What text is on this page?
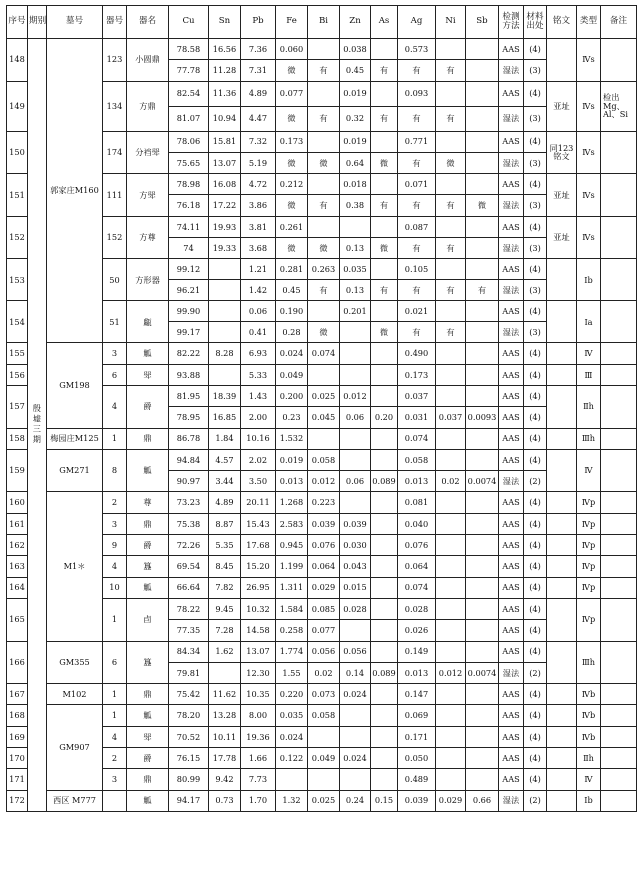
序号	期别	墓号	器号	器名	Cu	Sn	Pb	Fe	Bi	Zn	As	Ag	Ni	Sb	检测方法	材料出处	铭文	类型	备注
148	殷墟三期	郭家庄M160	123	小圆鼎	78.58	16.56	7.36	0.060		0.038		0.573			AAS	(4)		Ⅳs	
					77.78	11.28	7.31	微	有	0.45	有	有	有		湿法	(3)			
149			134	方鼎	82.54	11.36	4.89	0.077		0.019		0.093			AAS	(4)	亚址	Ⅳs	检出Mg、Al、Si
					81.07	10.94	4.47	微	有	0.32	有	有	有		湿法	(3)			
150			174	分裆斝	78.06	15.81	7.32	0.173		0.019		0.771			AAS	(4)	同123铭文	Ⅳs	
					75.65	13.07	5.19	微	微	0.64	微	有	微		湿法	(3)			
151			111	方斝	78.98	16.08	4.72	0.212		0.018		0.071			AAS	(4)	亚址	Ⅳs	
					76.18	17.22	3.86	微	有	0.38	有	有	有	微	湿法	(3)			
152			152	方尊	74.11	19.93	3.81	0.261				0.087			AAS	(4)	亚址	Ⅳs	
					74	19.33	3.68	微	微	0.13	微	有	有		湿法	(3)			
153			50	方形器	99.12		1.21	0.281	0.263	0.035		0.105			AAS	(4)		Ⅰb	
					96.21		1.42	0.45	有	0.13	有	有	有	有	湿法	(3)			
154			51	甗	99.90		0.06	0.190		0.201		0.021			AAS	(4)		Ⅰa	
					99.17		0.41	0.28	微		微	有	有		湿法	(3)			
155		GM198	3	觚	82.22	8.28	6.93	0.024	0.074			0.490			AAS	(4)		Ⅳ	
156			6	斝	93.88		5.33	0.049				0.173			AAS	(4)		Ⅲ	
157			4	爵	81.95	18.39	1.43	0.200	0.025	0.012		0.037			AAS	(4)		Ⅱh	
					78.95	16.85	2.00	0.23	0.045	0.06	0.20	0.031	0.037	0.0093	AAS	(4)			
158		梅园庄M125	1	鼎	86.78	1.84	10.16	1.532				0.074			AAS	(4)		Ⅲh	
159		GM271	8	觚	94.84	4.57	2.02	0.019	0.058			0.058			AAS	(4)		Ⅳ	
					90.97	3.44	3.50	0.013	0.012	0.06	0.089	0.013	0.02	0.0074	湿法	(2)			
160		M1＊	2	尊	73.23	4.89	20.11	1.268	0.223			0.081			AAS	(4)		Ⅳp	
161			3	鼎	75.38	8.87	15.43	2.583	0.039	0.039		0.040			AAS	(4)		Ⅳp	
162			9	爵	72.26	5.35	17.68	0.945	0.076	0.030		0.076			AAS	(4)		Ⅳp	
163			4	簋	69.54	8.45	15.20	1.199	0.064	0.043		0.064			AAS	(4)		Ⅳp	
164			10	觚	66.64	7.82	26.95	1.311	0.029	0.015		0.074			AAS	(4)		Ⅳp	
165			1	卣	78.22	9.45	10.32	1.584	0.085	0.028		0.028			AAS	(4)		Ⅳp	
					77.35	7.28	14.58	0.258	0.077			0.026			AAS	(4)			
166		GM355	6	簋	84.34	1.62	13.07	1.774	0.056	0.056		0.149			AAS	(4)		Ⅲh	
					79.81		12.30	1.55	0.02	0.14	0.089	0.013	0.012	0.0074	湿法	(2)			
167		M102	1	鼎	75.42	11.62	10.35	0.220	0.073	0.024		0.147			AAS	(4)		Ⅳb	
168		GM907	1	觚	78.20	13.28	8.00	0.035	0.058			0.069			AAS	(4)		Ⅳb	
169			4	斝	70.52	10.11	19.36	0.024				0.171			AAS	(4)		Ⅳb	
170			2	爵	76.15	17.78	1.66	0.122	0.049	0.024		0.050			AAS	(4)		Ⅱh	
171			3	鼎	80.99	9.42	7.73					0.489			AAS	(4)		Ⅳ	
172		西区 M777		觚	94.17	0.73	1.70	1.32	0.025	0.24	0.15	0.039	0.029	0.66	湿法	(2)		Ⅰb	
